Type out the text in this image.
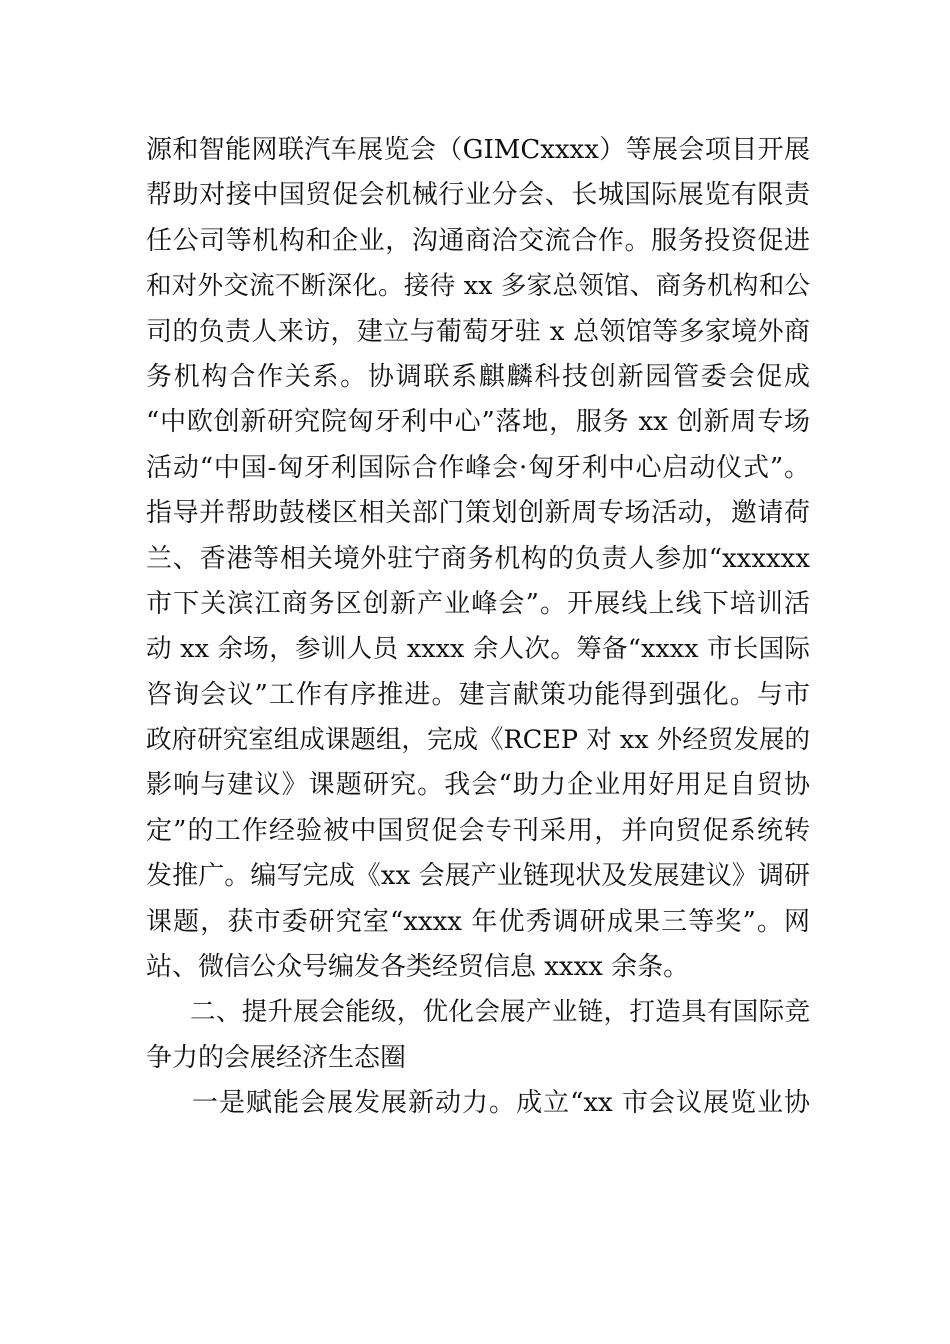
源和智能网联汽车展览会（GIMCxxxx）等展会项目开展
帮助对接中国贸促会机械行业分会、长城国际展览有限责
任公司等机构和企业，沟通商洽交流合作。服务投资促进
和对外交流不断深化。接待 xx 多家总领馆、商务机构和公
司的负责人来访，建立与葡萄牙驻 x 总领馆等多家境外商
务机构合作关系。协调联系麒麟科技创新园管委会促成
“中欧创新研究院匈牙利中心”落地，服务 xx 创新周专场
活动“中国-匈牙利国际合作峰会·匈牙利中心启动仪式”。
指导并帮助鼓楼区相关部门策划创新周专场活动，邀请荷
兰、香港等相关境外驻宁商务机构的负责人参加“xxxxxx
市下关滨江商务区创新产业峰会”。开展线上线下培训活
动 xx 余场，参训人员 xxxx 余人次。筹备“xxxx 市长国际
咨询会议”工作有序推进。建言献策功能得到强化。与市
政府研究室组成课题组，完成《RCEP 对 xx 外经贸发展的
影响与建议》课题研究。我会“助力企业用好用足自贸协
定”的工作经验被中国贸促会专刊采用，并向贸促系统转
发推广。编写完成《xx 会展产业链现状及发展建议》调研
课题，获市委研究室“xxxx 年优秀调研成果三等奖”。网
站、微信公众号编发各类经贸信息 xxxx 余条。
二、提升展会能级，优化会展产业链，打造具有国际竞
争力的会展经济生态圈
一是赋能会展发展新动力。成立“xx 市会议展览业协
